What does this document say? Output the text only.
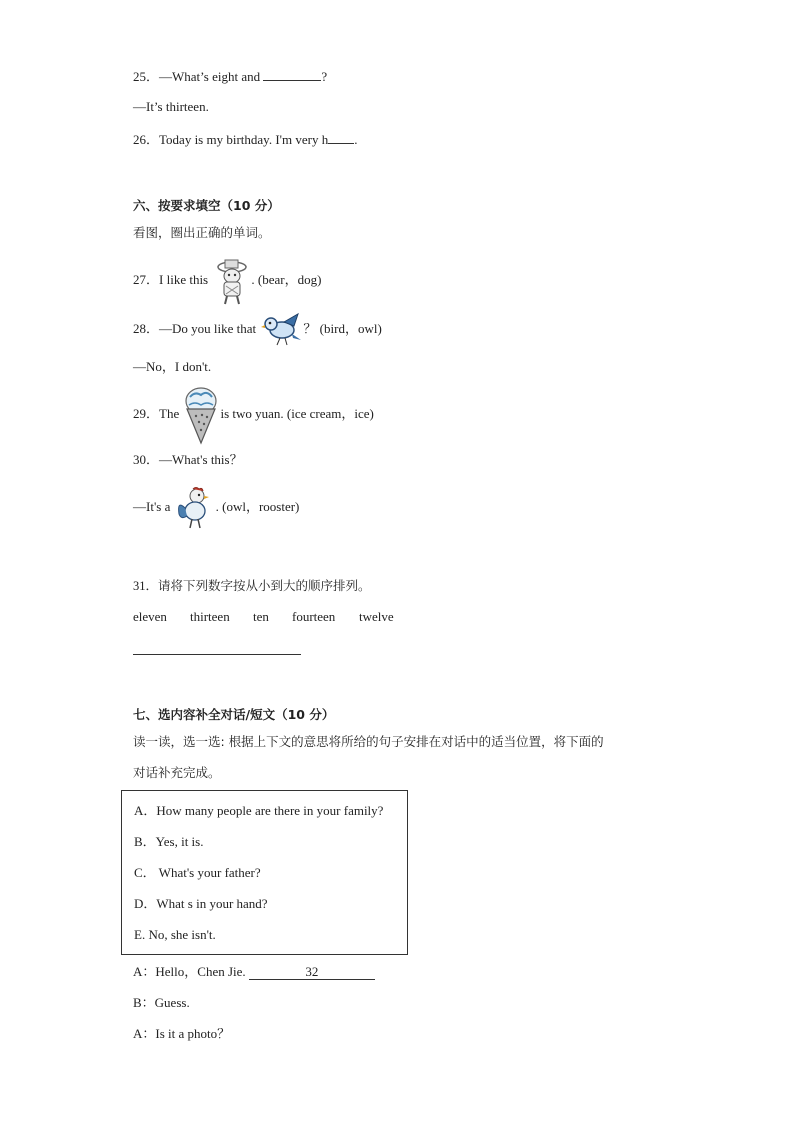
25．—What’s eight and	?
—It’s thirteen.
26．Today is my birthday. I'm very h .
六、按要求填空（10 分）
看图，圈出正确的单词。
27．I like this	. (bear，dog)
28．—Do you like that	？ (bird，owl)
—No，I don't.
29．The	is two yuan. (ice cream，ice)
30．—What's this？
—It's a	. (owl，rooster)
31．请将下列数字按从小到大的顺序排列。
eleven thirteen ten fourteen twelve
七、选内容补全对话/短文（10 分）
读一读，选一选: 根据上下文的意思将所给的句子安排在对话中的适当位置，将下面的
对话补充完成。
A．How many people are there in your family?
B．Yes, it is.
C． What's your father?
D．What s in your hand?
E. No, she isn't.
A：Hello，Chen Jie.	32
B：Guess.
A：Is it a photo？
